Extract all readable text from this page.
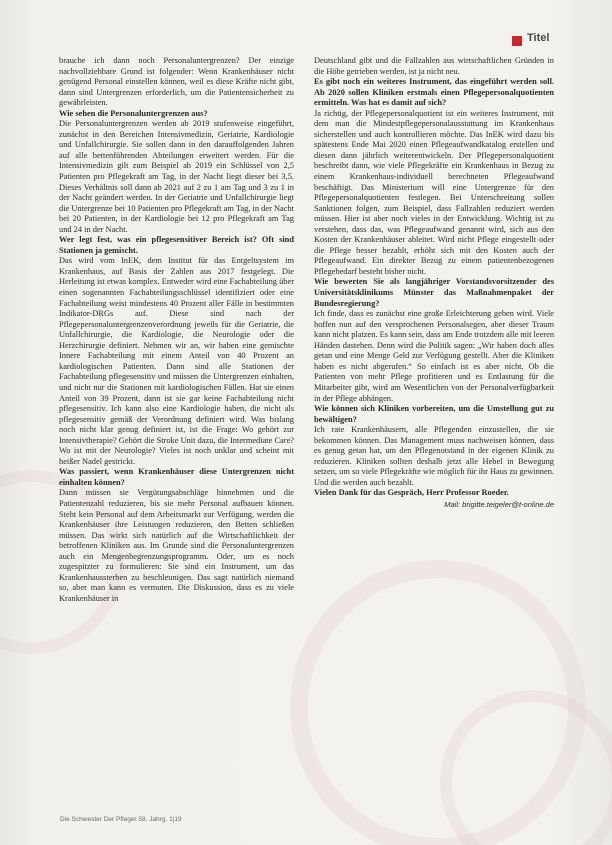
Titel

brauche ich dann noch Personaluntergrenzen? Der einzige nachvollziehbare Grund ist folgender: Wenn Krankenhäuser nicht genügend Personal einstellen können, weil es diese Kräfte nicht gibt, dann sind Untergrenzen erforderlich, um die Patientensicherheit zu gewährleisten.

Wie sehen die Personaluntergrenzen aus?

Die Personaluntergrenzen werden ab 2019 stufenweise eingeführt, zunächst in den Bereichen Intensivmedizin, Geriatrie, Kardiologie und Unfallchirurgie. Sie sollen dann in den darauffolgenden Jahren auf alle bettenführenden Abteilungen erweitert werden. Für die Intensivmedizin gilt zum Beispiel ab 2019 ein Schlüssel von 2,5 Patienten pro Pflegekraft am Tag, in der Nacht liegt dieser bei 3,5. Dieses Verhältnis soll dann ab 2021 auf 2 zu 1 am Tag und 3 zu 1 in der Nacht geändert werden. In der Geriatrie und Unfallchirurgie liegt die Untergrenze bei 10 Patienten pro Pflegekraft am Tag, in der Nacht bei 20 Patienten, in der Kardiologie bei 12 pro Pflegekraft am Tag und 24 in der Nacht.

Wer legt fest, was ein pflegesensitiver Bereich ist? Oft sind Stationen ja gemischt.

Das wird vom InEK, dem Institut für das Entgeltsystem im Krankenhaus, auf Basis der Zahlen aus 2017 festgelegt. Die Herleitung ist etwas komplex. Entweder wird eine Fachabteilung über einen sogenannten Fachabteilungsschlüssel identifiziert oder eine Fachabteilung weist mindestens 40 Prozent aller Fälle in bestimmten Indikator-DRGs auf. Diese sind nach der Pflegepersonaluntergrenzenverordnung jeweils für die Geriatrie, die Unfallchirurgie, die Kardiologie, die Neurologie oder die Herzchirurgie definiert. Nehmen wir an, wir haben eine gemischte Innere Fachabteilung mit einem Anteil von 40 Prozent an kardiologischen Patienten. Dann sind alle Stationen der Fachabteilung pflegesensitiv und müssen die Untergrenzen einhalten, und nicht nur die Stationen mit kardiologischen Fällen. Hat sie einen Anteil von 39 Prozent, dann ist sie gar keine Fachabteilung nicht pflegesensitiv. Ich kann also eine Kardiologie haben, die nicht als pflegesensitiv gemäß der Verordnung definiert wird. Was bislang noch nicht klar genug definiert ist, ist die Frage: Wo gehört zur Intensivtherapie? Gehört die Stroke Unit dazu, die Intermediate Care? Wo ist mit der Neurologie? Vieles ist noch unklar und scheint mit heißer Nadel gestrickt.

Was passiert, wenn Krankenhäuser diese Untergrenzen nicht einhalten können?

Dann müssen sie Vergütungsabschläge hinnehmen und die Patientenzahl reduzieren, bis sie mehr Personal aufbauen können. Steht kein Personal auf dem Arbeitsmarkt zur Verfügung, werden die Krankenhäuser ihre Leistungen reduzieren, den Betten schließen müssen. Das wirkt sich natürlich auf die Wirtschaftlichkeit der betroffenen Kliniken aus. Im Grunde sind die Personaluntergrenzen auch ein Mengenbegrenzungsprogramm. Oder, um es noch zugespitzter zu formulieren: Sie sind ein Instrument, um das Krankenhaussterben zu beschleunigen. Das sagt natürlich niemand so, aber man kann es vermuten. Die Diskussion, dass es zu viele Krankenhäuser in

Deutschland gibt und die Fallzahlen aus wirtschaftlichen Gründen in die Höhe getrieben werden, ist ja nicht neu.

Es gibt noch ein weiteres Instrument, das eingeführt werden soll. Ab 2020 sollen Kliniken erstmals einen Pflegepersonalquotienten ermitteln. Was hat es damit auf sich?

Ja richtig, der Pflegepersonalquotient ist ein weiteres Instrument, mit dem man die Mindestpflegepersonalausstattung im Krankenhaus sicherstellen und auch kontrollieren möchte. Das InEK wird dazu bis spätestens Ende Mai 2020 einen Pflegeaufwandkatalog erstellen und diesen dann jährlich weiterentwickeln. Der Pflegepersonalquotient beschreibt dann, wie viele Pflegekräfte ein Krankenhaus in Bezug zu einem Krankenhaus-individuell berechneten Pflegeaufwand beschäftigt. Das Ministerium will eine Untergrenze für den Pflegepersonalquotienten festlegen. Bei Unterschreitung sollen Sanktionen folgen, zum Beispiel, dass Fallzahlen reduziert werden müssen. Hier ist aber noch vieles in der Entwicklung. Wichtig ist zu verstehen, dass das, was Pflegeaufwand genannt wird, sich aus den Kosten der Krankenhäuser ableitet. Wird nicht Pflege eingestellt oder die Pflege besser bezahlt, erhöht sich mit den Kosten auch der Pflegeaufwand. Ein direkter Bezug zu einem patientenbezogenen Pflegebedarf besteht bisher nicht.

Wie bewerten Sie als langjähriger Vorstandsvorsitzender des Universitätsklinikums Münster das Maßnahmenpaket der Bundesregierung?

Ich finde, dass es zunächst eine große Erleichterung geben wird. Viele hoffen nun auf den versprochenen Personalsegen, aber dieser Traum kann nicht platzen. Es kann sein, dass am Ende trotzdem alle mit leeren Händen dastehen. Denn wird die Politik sagen: „Wir haben doch alles getan und eine Menge Geld zur Verfügung gestellt. Aber die Kliniken haben es nicht abgerufen.“ So einfach ist es aber nicht. Ob die Patienten von mehr Pflege profitieren und es Entlastung für die Mitarbeiter gibt, wird am Wesentlichen von der Personalverfügbarkeit in der Pflege abhängen.

Wie können sich Kliniken vorbereiten, um die Umstellung gut zu bewältigen?

Ich rate Krankenhäusern, alle Pflegenden einzustellen, die sie bekommen können. Das Management muss nachweisen können, dass es genug getan hat, um den Pflegenotstand in der eigenen Klinik zu reduzieren. Kliniken sollten deshalb jetzt alle Hebel in Bewegung setzen, um so viele Pflegekräfte wie möglich für ihr Haus zu gewinnen. Und die werden auch bezahlt.

Vielen Dank für das Gespräch, Herr Professor Roeder.

Mail: brigitte.teigeler@t-online.de
Die Schwester Der Pfleger 58. Jahrg. 1|19
